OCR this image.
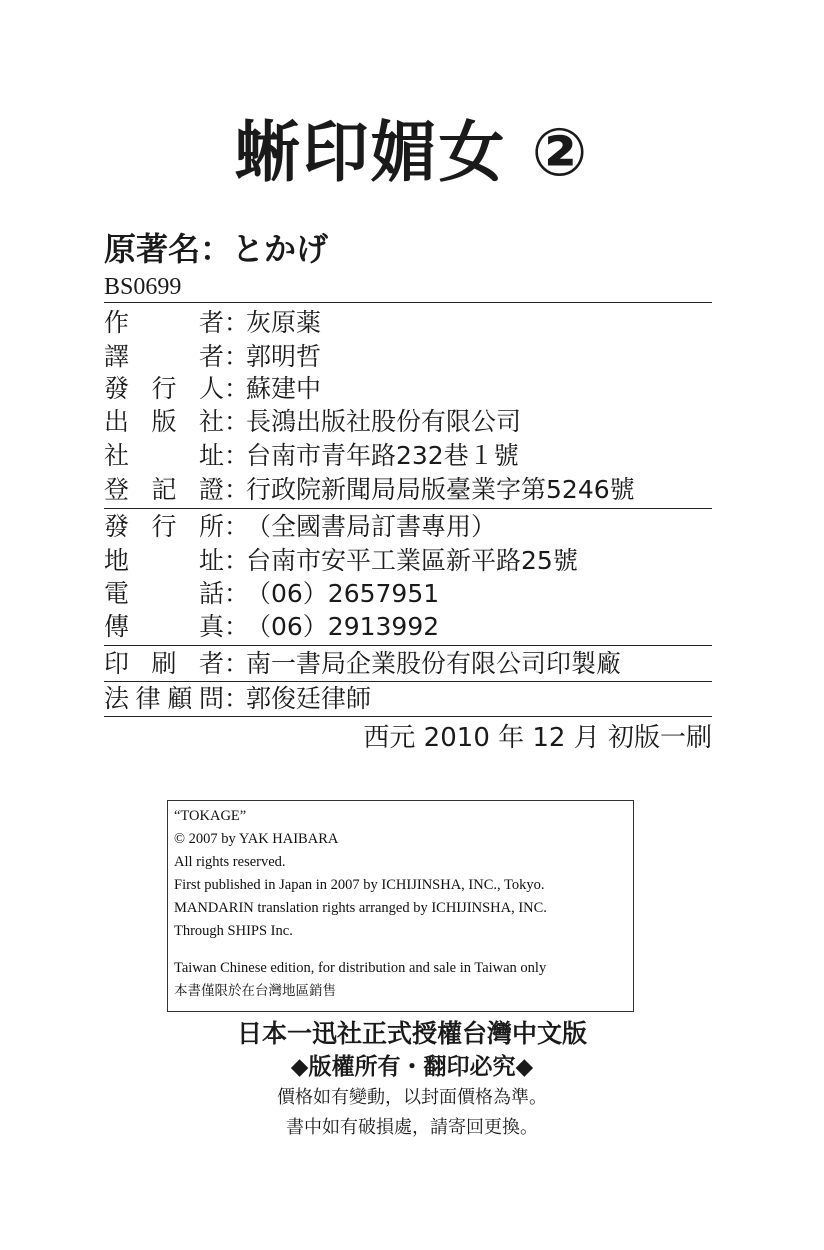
蜥印媚女 ②
原著名：とかげ
BS0699
作者：灰原薬
譯者：郭明哲
發行人：蘇建中
出版社：長鴻出版社股份有限公司
社址：台南市青年路232巷１號
登記證：行政院新聞局局版臺業字第5246號
發行所：（全國書局訂書專用）
地址：台南市安平工業區新平路25號
電話：（06）2657951
傳真：（06）2913992
印刷者：南一書局企業股份有限公司印製廠
法律顧問：郭俊廷律師
西元 2010 年 12 月 初版一刷
“TOKAGE”
© 2007 by YAK HAIBARA
All rights reserved.
First published in Japan in 2007 by ICHIJINSHA, INC., Tokyo.
MANDARIN translation rights arranged by ICHIJINSHA, INC.
Through SHIPS Inc.
Taiwan Chinese edition, for distribution and sale in Taiwan only
本書僅限於在台灣地區銷售
日本一迅社正式授權台灣中文版
◆版權所有・翻印必究◆
價格如有變動，以封面價格為準。
書中如有破損處，請寄回更換。
